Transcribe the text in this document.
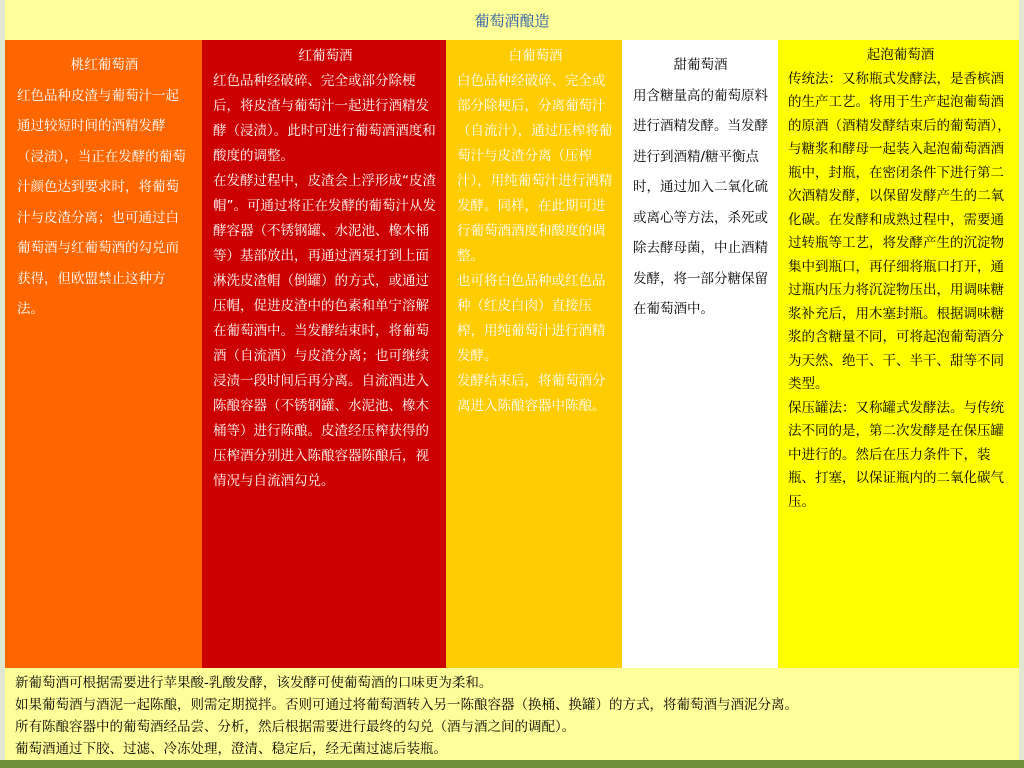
葡萄酒酿造
桃红葡萄酒
红色品种皮渣与葡萄汁一起通过较短时间的酒精发酵（浸渍），当正在发酵的葡萄汁颜色达到要求时，将葡萄汁与皮渣分离；也可通过白葡萄酒与红葡萄酒的勾兑而获得，但欧盟禁止这种方法。
红葡萄酒
红色品种经破碎、完全或部分除梗后，将皮渣与葡萄汁一起进行酒精发酵（浸渍）。此时可进行葡萄酒酒度和酸度的调整。
在发酵过程中，皮渣会上浮形成“皮渣帽”。可通过将正在发酵的葡萄汁从发酵容器（不锈钢罐、水泥池、橡木桶等）基部放出，再通过酒泵打到上面淋洗皮渣帽（倒罐）的方式，或通过压帽，促进皮渣中的色素和单宁溶解在葡萄酒中。当发酵结束时，将葡萄酒（自流酒）与皮渣分离；也可继续浸渍一段时间后再分离。自流酒进入陈酿容器（不锈钢罐、水泥池、橡木桶等）进行陈酿。皮渣经压榨获得的压榨酒分别进入陈酿容器陈酿后，视情况与自流酒勾兑。
白葡萄酒
白色品种经破碎、完全或部分除梗后，分离葡萄汁（自流汁），通过压榨将葡萄汁与皮渣分离（压榨汁），用纯葡萄汁进行酒精发酵。同样，在此期可进行葡萄酒酒度和酸度的调整。
也可将白色品种或红色品种（红皮白肉）直接压榨，用纯葡萄汁进行酒精发酵。
发酵结束后，将葡萄酒分离进入陈酿容器中陈酿。
甜葡萄酒
用含糖量高的葡萄原料进行酒精发酵。当发酵进行到酒精/糖平衡点时，通过加入二氧化硫或离心等方法，杀死或除去酵母菌，中止酒精发酵，将一部分糖保留在葡萄酒中。
起泡葡萄酒
传统法：又称瓶式发酵法，是香槟酒的生产工艺。将用于生产起泡葡萄酒的原酒（酒精发酵结束后的葡萄酒），与糖浆和酵母一起装入起泡葡萄酒酒瓶中，封瓶，在密闭条件下进行第二次酒精发酵，以保留发酵产生的二氧化碳。在发酵和成熟过程中，需要通过转瓶等工艺，将发酵产生的沉淀物集中到瓶口，再仔细将瓶口打开，通过瓶内压力将沉淀物压出，用调味糖浆补充后，用木塞封瓶。根据调味糖浆的含糖量不同，可将起泡葡萄酒分为天然、绝干、干、半干、甜等不同类型。
保压罐法：又称罐式发酵法。与传统法不同的是，第二次发酵是在保压罐中进行的。然后在压力条件下，装瓶、打塞，以保证瓶内的二氧化碳气压。
新葡萄酒可根据需要进行苹果酸-乳酸发酵，该发酵可使葡萄酒的口味更为柔和。
如果葡萄酒与酒泥一起陈酿，则需定期搅拌。否则可通过将葡萄酒转入另一陈酿容器（换桶、换罐）的方式，将葡萄酒与酒泥分离。
所有陈酿容器中的葡萄酒经品尝、分析，然后根据需要进行最终的勾兑（酒与酒之间的调配）。
葡萄酒通过下胶、过滤、冷冻处理，澄清、稳定后，经无菌过滤后装瓶。
